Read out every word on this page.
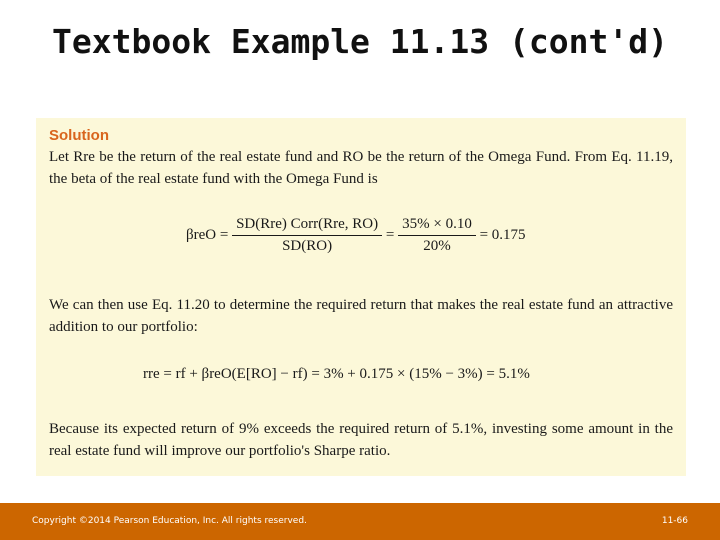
Textbook Example 11.13 (cont'd)
Solution
Let Rre be the return of the real estate fund and RO be the return of the Omega Fund. From Eq. 11.19, the beta of the real estate fund with the Omega Fund is
$\beta reO = \frac{\text{SD(Rre) Corr(Rre, RO)}}{SD(RO)} = \frac{35\% \times 0.10}{20\%} = 0.175$
We can then use Eq. 11.20 to determine the required return that makes the real estate fund an attractive addition to our portfolio:
rre = rf + βreO(E[RO] − rf) = 3% + 0.175 × (15% − 3%) = 5.1%
Because its expected return of 9% exceeds the required return of 5.1%, investing some amount in the real estate fund will improve our portfolio's Sharpe ratio.
Copyright ©2014 Pearson Education, Inc. All rights reserved.	11-66
